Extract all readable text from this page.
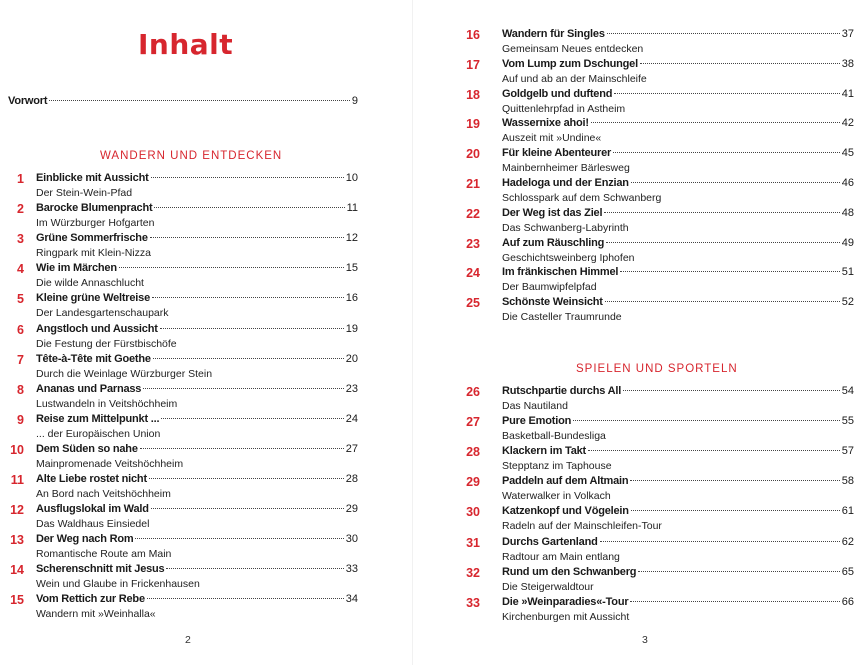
Inhalt
Vorwort	9
WANDERN UND ENTDECKEN
1 Einblicke mit Aussicht	10
Der Stein-Wein-Pfad
2 Barocke Blumenpracht	11
Im Würzburger Hofgarten
3 Grüne Sommerfrische	12
Ringpark mit Klein-Nizza
4 Wie im Märchen	15
Die wilde Annaschlucht
5 Kleine grüne Weltreise	16
Der Landesgartenschaupark
6 Angstloch und Aussicht	19
Die Festung der Fürstbischöfe
7 Tête-à-Tête mit Goethe	20
Durch die Weinlage Würzburger Stein
8 Ananas und Parnass	23
Lustwandeln in Veitshöchheim
9 Reise zum Mittelpunkt ...	24
... der Europäischen Union
10 Dem Süden so nahe	27
Mainpromenade Veitshöchheim
11 Alte Liebe rostet nicht	28
An Bord nach Veitshöchheim
12 Ausflugslokal im Wald	29
Das Waldhaus Einsiedel
13 Der Weg nach Rom	30
Romantische Route am Main
14 Scherenschnitt mit Jesus	33
Wein und Glaube in Frickenhausen
15 Vom Rettich zur Rebe	34
Wandern mit »Weinhalla«
2
16 Wandern für Singles	37
Gemeinsam Neues entdecken
17 Vom Lump zum Dschungel	38
Auf und ab an der Mainschleife
18 Goldgelb und duftend	41
Quittenlehrpfad in Astheim
19 Wassernixe ahoi!	42
Auszeit mit »Undine«
20 Für kleine Abenteurer	45
Mainbernheimer Bärlesweg
21 Hadeloga und der Enzian	46
Schlosspark auf dem Schwanberg
22 Der Weg ist das Ziel	48
Das Schwanberg-Labyrinth
23 Auf zum Räuschling	49
Geschichtsweinberg Iphofen
24 Im fränkischen Himmel	51
Der Baumwipfelpfad
25 Schönste Weinsicht	52
Die Casteller Traumrunde
SPIELEN UND SPORTELN
26 Rutschpartie durchs All	54
Das Nautiland
27 Pure Emotion	55
Basketball-Bundesliga
28 Klackern im Takt	57
Stepptanz im Taphouse
29 Paddeln auf dem Altmain	58
Waterwalker in Volkach
30 Katzenkopf und Vögelein	61
Radeln auf der Mainschleifen-Tour
31 Durchs Gartenland	62
Radtour am Main entlang
32 Rund um den Schwanberg	65
Die Steigerwaldtour
33 Die »Weinparadies«-Tour	66
Kirchenburgen mit Aussicht
3
